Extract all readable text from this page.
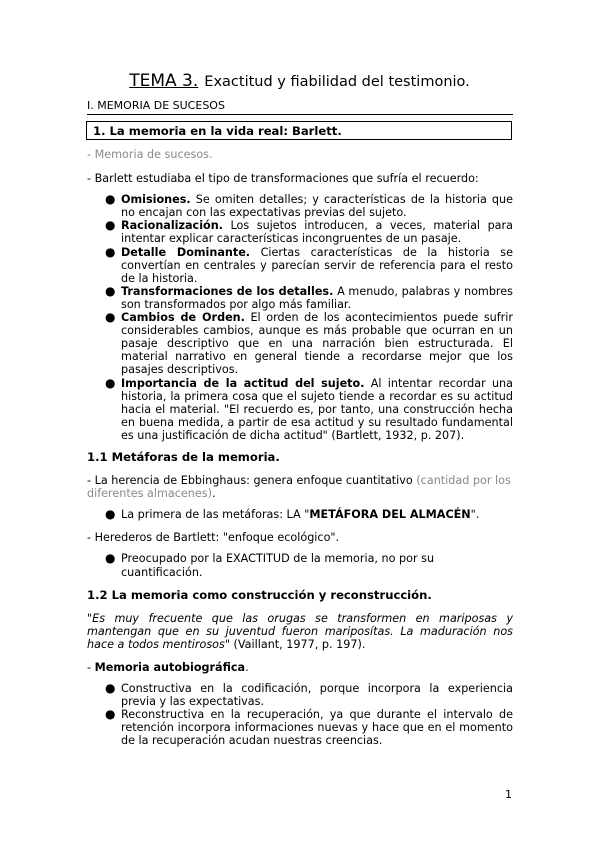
TEMA 3. Exactitud y fiabilidad del testimonio.
I. MEMORIA DE SUCESOS
1. La memoria en la vida real: Barlett.

- Memoria de sucesos.

- Barlett estudiaba el tipo de transformaciones que sufría el recuerdo:

● Omisiones. Se omiten detalles; y características de la historia que no encajan con las expectativas previas del sujeto.
● Racionalización. Los sujetos introducen, a veces, material para intentar explicar características incongruentes de un pasaje.
● Detalle Dominante. Ciertas características de la historia se convertían en centrales y parecían servir de referencia para el resto de la historia.
● Transformaciones de los detalles. A menudo, palabras y nombres son transformados por algo más familiar.
● Cambios de Orden. El orden de los acontecimientos puede sufrir considerables cambios, aunque es más probable que ocurran en un pasaje descriptivo que en una narración bien estructurada. El material narrativo en general tiende a recordarse mejor que los pasajes descriptivos.
● Importancia de la actitud del sujeto. Al intentar recordar una historia, la primera cosa que el sujeto tiende a recordar es su actitud hacia el material. "El recuerdo es, por tanto, una construcción hecha en buena medida, a partir de esa actitud y su resultado fundamental es una justificación de dicha actitud" (Bartlett, 1932, p. 207).

1.1 Metáforas de la memoria.

- La herencia de Ebbinghaus: genera enfoque cuantitativo (cantidad por los diferentes almacenes).

● La primera de las metáforas: LA "METÁFORA DEL ALMACÉN".

- Herederos de Bartlett: "enfoque ecológico".

● Preocupado por la EXACTITUD de la memoria, no por su cuantificación.

1.2 La memoria como construcción y reconstrucción.

"Es muy frecuente que las orugas se transformen en mariposas y mantengan que en su juventud fueron mariposítas. La maduración nos hace a todos mentirosos" (Vaillant, 1977, p. 197).

- Memoria autobiográfica.

● Constructiva en la codificación, porque incorpora la experiencia previa y las expectativas.
● Reconstructiva en la recuperación, ya que durante el intervalo de retención incorpora informaciones nuevas y hace que en el momento de la recuperación acudan nuestras creencias.
1
